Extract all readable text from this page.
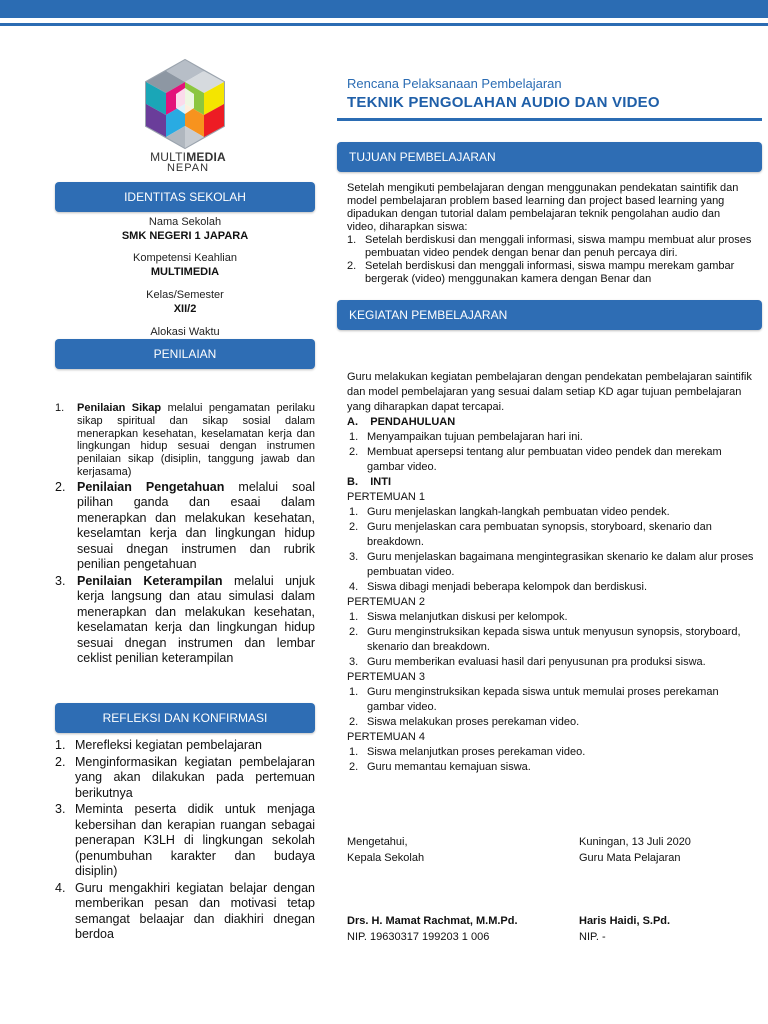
MULTIMEDIA
NEPAN
Rencana Pelaksanaan Pembelajaran
TEKNIK PENGOLAHAN AUDIO DAN VIDEO
IDENTITAS SEKOLAH
Nama Sekolah
SMK NEGERI 1 JAPARA
Kompetensi Keahlian
MULTIMEDIA
Kelas/Semester
XII/2
Alokasi Waktu
PENILAIAN
1. Penilaian Sikap melalui pengamatan perilaku sikap spiritual dan sikap sosial dalam menerapkan kesehatan, keselamatan kerja dan lingkungan hidup sesuai dengan instrumen penilaian sikap (disiplin, tanggung jawab dan kerjasama)
2. Penilaian Pengetahuan melalui soal pilihan ganda dan esaai dalam menerapkan dan melakukan kesehatan, keselamtan kerja dan lingkungan hidup sesuai dnegan instrumen dan rubrik penilian pengetahuan
3. Penilaian Keterampilan melalui unjuk kerja langsung dan atau simulasi dalam menerapkan dan melakukan kesehatan, keselamatan kerja dan lingkungan hidup sesuai dnegan instrumen dan lembar ceklist penilian keterampilan
REFLEKSI DAN KONFIRMASI
1. Merefleksi kegiatan pembelajaran
2. Menginformasikan kegiatan pembelajaran yang akan dilakukan pada pertemuan berikutnya
3. Meminta peserta didik untuk menjaga kebersihan dan kerapian ruangan sebagai penerapan K3LH di lingkungan sekolah (penumbuhan karakter dan budaya disiplin)
4. Guru mengakhiri kegiatan belajar dengan memberikan pesan dan motivasi tetap semangat belaajar dan diakhiri dnegan berdoa
TUJUAN PEMBELAJARAN
Setelah mengikuti pembelajaran dengan menggunakan pendekatan saintifik dan model pembelajaran problem based learning dan project based learning yang dipadukan dengan tutorial dalam pembelajaran teknik pengolahan audio dan video, diharapkan siswa:
1. Setelah berdiskusi dan menggali informasi, siswa mampu membuat alur proses pembuatan video pendek dengan benar dan penuh percaya diri.
2. Setelah berdiskusi dan menggali informasi, siswa mampu merekam gambar bergerak (video) menggunakan kamera dengan Benar dan
KEGIATAN PEMBELAJARAN
Guru melakukan kegiatan pembelajaran dengan pendekatan pembelajaran saintifik dan model pembelajaran yang sesuai dalam setiap KD agar tujuan pembelajaran yang diharapkan dapat tercapai.
A. PENDAHULUAN
1. Menyampaikan tujuan pembelajaran hari ini.
2. Membuat apersepsi tentang alur pembuatan video pendek dan merekam gambar video.
B. INTI
PERTEMUAN 1
1. Guru menjelaskan langkah-langkah pembuatan video pendek.
2. Guru menjelaskan cara pembuatan synopsis, storyboard, skenario dan breakdown.
3. Guru menjelaskan bagaimana mengintegrasikan skenario ke dalam alur proses pembuatan video.
4. Siswa dibagi menjadi beberapa kelompok dan berdiskusi.
PERTEMUAN 2
1. Siswa melanjutkan diskusi per kelompok.
2. Guru menginstruksikan kepada siswa untuk menyusun synopsis, storyboard, skenario dan breakdown.
3. Guru memberikan evaluasi hasil dari penyusunan pra produksi siswa.
PERTEMUAN 3
1. Guru menginstruksikan kepada siswa untuk memulai proses perekaman gambar video.
2. Siswa melakukan proses perekaman video.
PERTEMUAN 4
1. Siswa melanjutkan proses perekaman video.
2. Guru memantau kemajuan siswa.
Mengetahui,
Kepala Sekolah
Kuningan, 13 Juli 2020
Guru Mata Pelajaran
Drs. H. Mamat Rachmat, M.M.Pd.
NIP. 19630317 199203 1 006
Haris Haidi, S.Pd.
NIP. -
